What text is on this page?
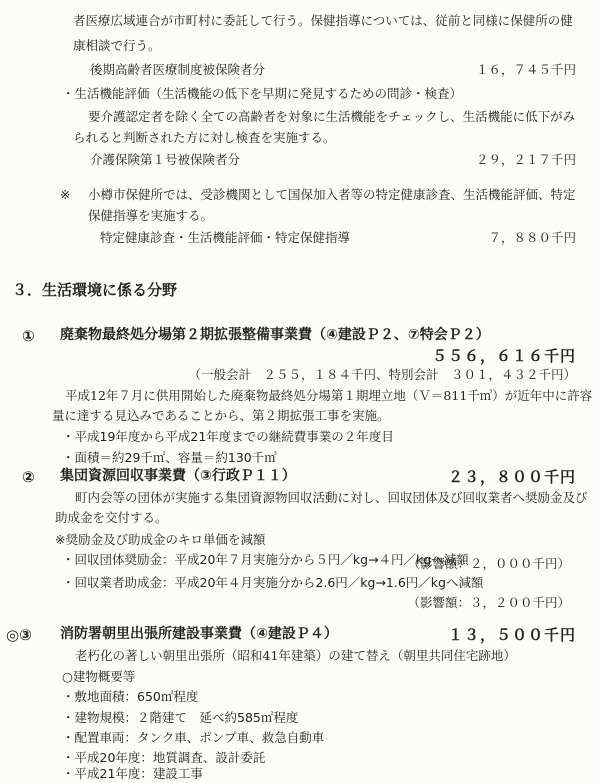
者医療広域連合が市町村に委託して行う。保健指導については、従前と同様に保健所の健
康相談で行う。
後期高齢者医療制度被保険者分	１６，７４５千円
・生活機能評価（生活機能の低下を早期に発見するための問診・検査）
要介護認定者を除く全ての高齢者を対象に生活機能をチェックし、生活機能に低下がみ
られると判断された方に対し検査を実施する。
介護保険第１号被保険者分	２９，２１７千円
※ 小樽市保健所では、受診機関として国保加入者等の特定健康診査、生活機能評価、特定
保健指導を実施する。
特定健康診査・生活機能評価・特定保健指導	７，８８０千円
３．生活環境に係る分野
① 廃棄物最終処分場第２期拡張整備事業費（④建設Ｐ２、⑦特会Ｐ２）
５５６，６１６千円
（一般会計　２５５，１８４千円、特別会計　３０１，４３２千円）
平成12年７月に供用開始した廃棄物最終処分場第１期埋立地（Ｖ＝811千㎥）が近年中に許容
量に達する見込みであることから、第２期拡張工事を実施。
・平成19年度から平成21年度までの継続費事業の２年度目
・面積＝約29千㎡、容量＝約130千㎥
② 集団資源回収事業費（③行政Ｐ１１）	２３，８００千円
町内会等の団体が実施する集団資源物回収活動に対し、回収団体及び回収業者へ奨励金及び
助成金を交付する。
※奨励金及び助成金のキロ単価を減額
・回収団体奨励金：平成20年７月実施分から５円／kg→４円／kgへ減額
（影響額：２，０００千円）
・回収業者助成金：平成20年４月実施分から2.6円／kg→1.6円／kgへ減額
（影響額：３，２００千円）
◎③ 消防署朝里出張所建設事業費（④建設Ｐ４）	１３，５００千円
老朽化の著しい朝里出張所（昭和41年建築）の建て替え（朝里共同住宅跡地）
○建物概要等
・敷地面積：650㎡程度
・建物規模：２階建て　延べ約585㎡程度
・配置車両：タンク車、ポンプ車、救急自動車
・平成20年度：地質調査、設計委託
・平成21年度：建設工事
